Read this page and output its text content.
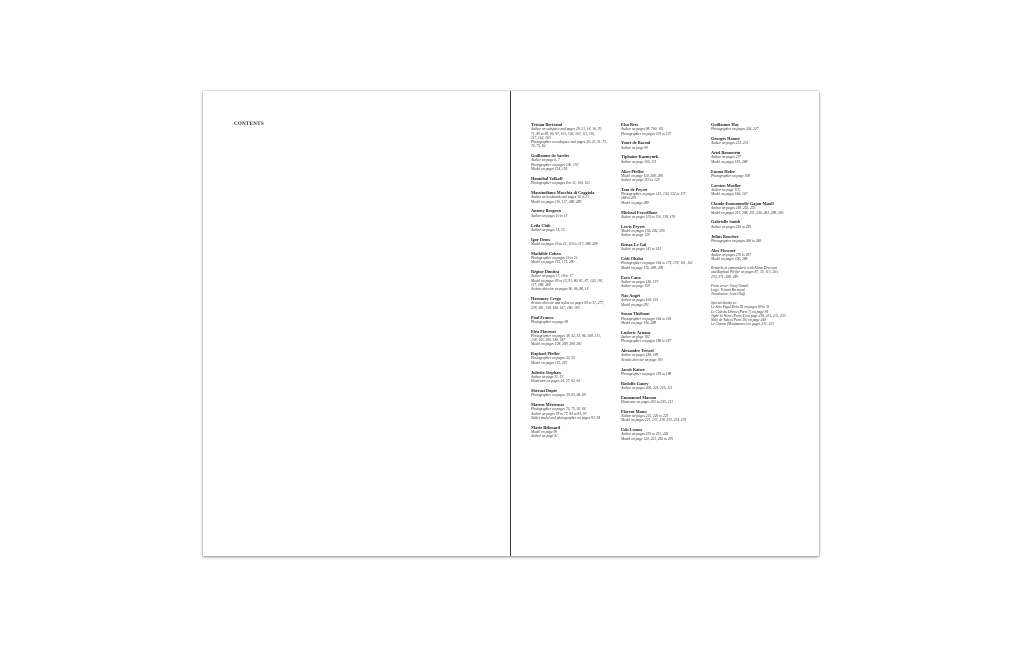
CONTENTS	Tristan Bertrand
Author on subspace and pages 20, 21, 18, 16, 70,
71, 80 to 85, 96, 97, 101, 102, 103, 111, 116,
117, 162, 163
Photographer on subspace and pages 20, 23, 51, 73,
74, 75, 82
Guillaume de Sardes
Author on page 6, 7
Photographer on pages 106, 153
Model on pages 154, 155
Hannibal Volkoff
Photographer on pages 8 to 11, 100, 101
Massimiliano Mocchia di Coggiola
Author on bookmark and pages 16 to 21
Model on pages 116, 117, 288, 289
Antony Bergeon
Author on pages 10 to 13
Leila Chih
Author on pages 14, 15
Igor Dems
Model on pages 16 to 21, 115 to 117, 288, 289
Mathilde Cohen
Photographer on pages 16 to 21
Model on pages 115, 173, 290
Régine Dimitra
Author on pages 17, 18 to 17
Model on pages 09 to 15, 91, 80, 81, 87, 120, 101,
117, 288, 289
Artistic director on pages 90, 86, 88, 18
Harumay Crego
Artistic director and stylist on pages 09 to 51, 277,
278, 281, 158, 186, 167, 180, 193
Paul Franco
Photographer on page 09
Eléa Flavenet
Photographer on pages 38, 52, 53, 86, 108, 131,
138, 143, 180, 186, 187
Model on pages 108, 289, 280, 291
Raphael Pfeffer
Photographer on pages 52, 53
Model on pages 115, 291
Juliette Stephan
Author on page 51, 53
Illustrator on pages 24, 27, 62, 63
Sherazi Dupie
Photographer on pages 39, 65, 68, 69
Mateus Mérieusse
Photographer on pages 76, 75, 92, 94
Author on pages 78 to 77, 84 to 85, 93
Tablet model and photographer on pages 93, 94
Marie Bélouard
Model on page 90
Author on page 91
Elsa Bres
Author on pages 98, 700, 101
Photographer on pages 103 to 107
Youri de Bacoul
Author on page 99
Tiphaine Kazmynek
Author on page 100, 111
Alice Pfeffer
Model on page 110, 208, 290
Author on page 113 to 129
Tom de Peyret
Photographer on pages 141, 130, 132 to 137,
288 to 291
Model on page 289
Michael Forcelllone
Author on pages 115 to 130, 138, 139
Lewis Peyret
Model on pages 136, 282, 290
Author on page 129
Renaa Le Gal
Author on pages 141 to 143
Cédi Okaba
Photographer on pages 164 to 175, 178, 161, 161
Model on page 176, 288, 290
Ezra Cana
Author on pages 156, 157
Author on page 159
Nao Angéi
Author on pages 160, 161
Model on page 291
Susan Thiébaut
Photographer on pages 164 to 165
Model on page 156, 288
Ludovic Arnaur
Author on page 182
Photographer on pages 188 to 187
Alexandre Tressel
Author on pages 186, 189
Artistic director on page 193
Jacob Kaiser
Photographer on pages 195 to 198
Rodolfo Ganey
Author on pages 200, 203, 216, 211
Emmanuel Masson
Illustrator on pages 203 to 205, 213
Florent Manu
Author on pages 215, 220 to 223
Model on pages 221, 237, 238, 233, 234, 235
Udo Lemoz
Author on pages 235 to 253, 226
Model on page 120, 221, 282 to 291
Guillaume Hay
Photographer on pages 226, 227
Georges Hamer
Author on pages 232, 233
Ariel Bonnotein
Author on pages 237
Model on pages 181, 288
Emma Hofer
Photographer on page 358
Carsten Moeller
Author on page 315
Model on pages 166, 167
Claude-Emmanuelle Gajan-Maull
Author on pages 249, 252, 253
Model on pages 251, 288, 251, 256, 282, 289, 290
Gabrielle Smith
Author on pages 256 to 259
Julius Boucher
Photographer on pages 260 to 269
Alex Flowner
Author on pages 270 to 287
Model on pages 190, 288
Remarks in camaraderie with Klaus Descourt
and Raphael Pfeffer on pages 87, 35, 113, 263,
270, 271, 288, 289
Front cover: Yosef Oumili
Logo: Tristan Bertrand
Translation: Jean Olaff
Special thanks to:
Le Salo Pigal Dolo III on pages 69 to 51
Le Club du Divine (Paris 7) on page 94
Tighe Si Noire (Paris 4) on page 236, 231, 231, 233
Nubi de Tokyo (Paris 16) on page 240
Le Chinon (Montmartre) on pages 231, 233
